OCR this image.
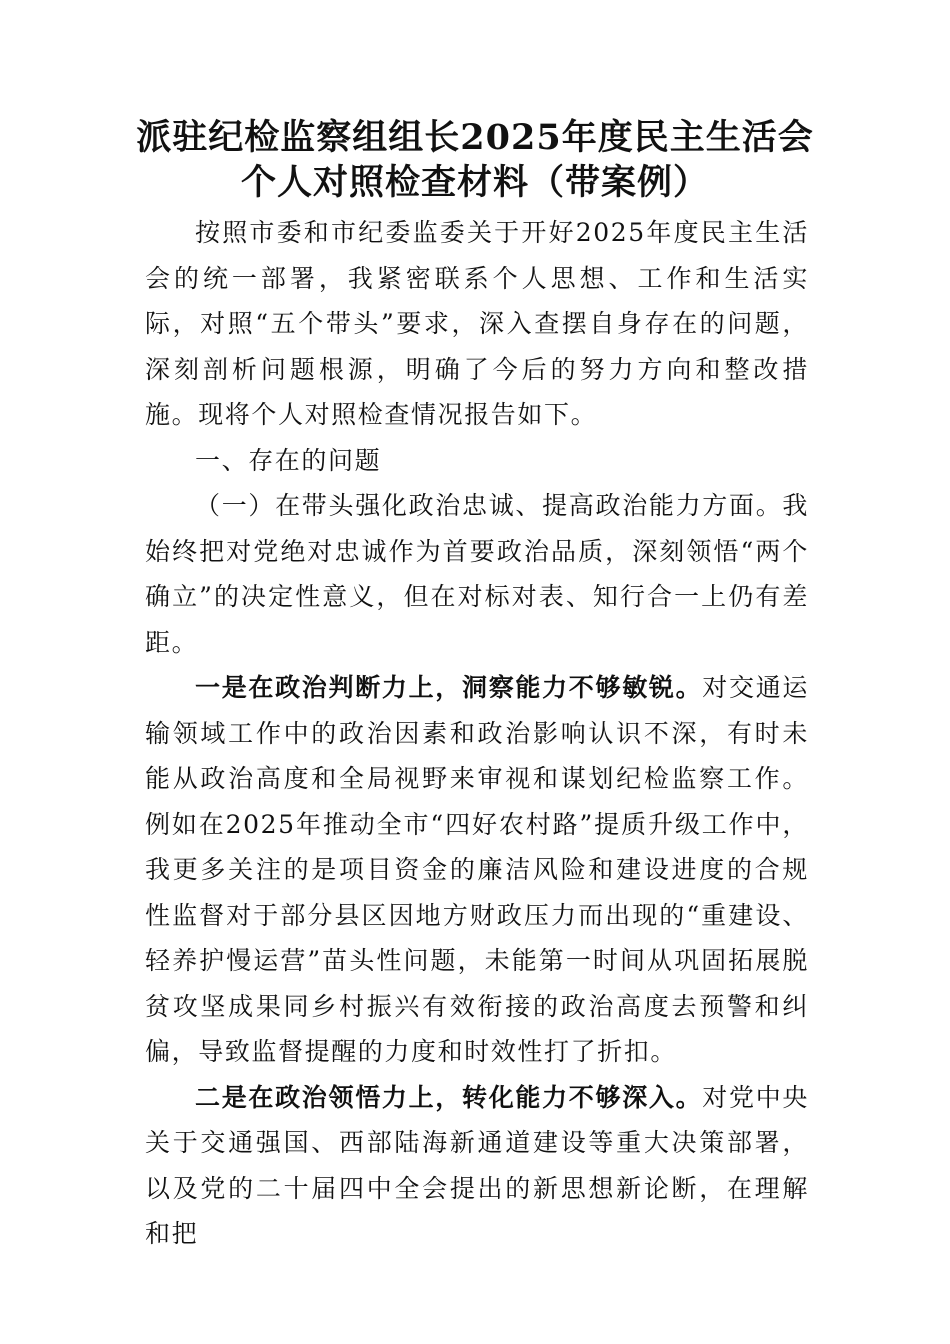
派驻纪检监察组组长2025年度民主生活会
个人对照检查材料（带案例）

按照市委和市纪委监委关于开好2025年度民主生活会的统一部署，我紧密联系个人思想、工作和生活实际，对照“五个带头”要求，深入查摆自身存在的问题，深刻剖析问题根源，明确了今后的努力方向和整改措施。现将个人对照检查情况报告如下。

一、存在的问题

（一）在带头强化政治忠诚、提高政治能力方面。我始终把对党绝对忠诚作为首要政治品质，深刻领悟“两个确立”的决定性意义，但在对标对表、知行合一上仍有差距。

一是在政治判断力上，洞察能力不够敏锐。对交通运输领域工作中的政治因素和政治影响认识不深，有时未能从政治高度和全局视野来审视和谋划纪检监察工作。例如在2025年推动全市“四好农村路”提质升级工作中，我更多关注的是项目资金的廉洁风险和建设进度的合规性监督对于部分县区因地方财政压力而出现的“重建设、轻养护慢运营”苗头性问题，未能第一时间从巩固拓展脱贫攻坚成果同乡村振兴有效衔接的政治高度去预警和纠偏，导致监督提醒的力度和时效性打了折扣。

二是在政治领悟力上，转化能力不够深入。对党中央关于交通强国、西部陆海新通道建设等重大决策部署，以及党的二十届四中全会提出的新思想新论断，在理解和把
